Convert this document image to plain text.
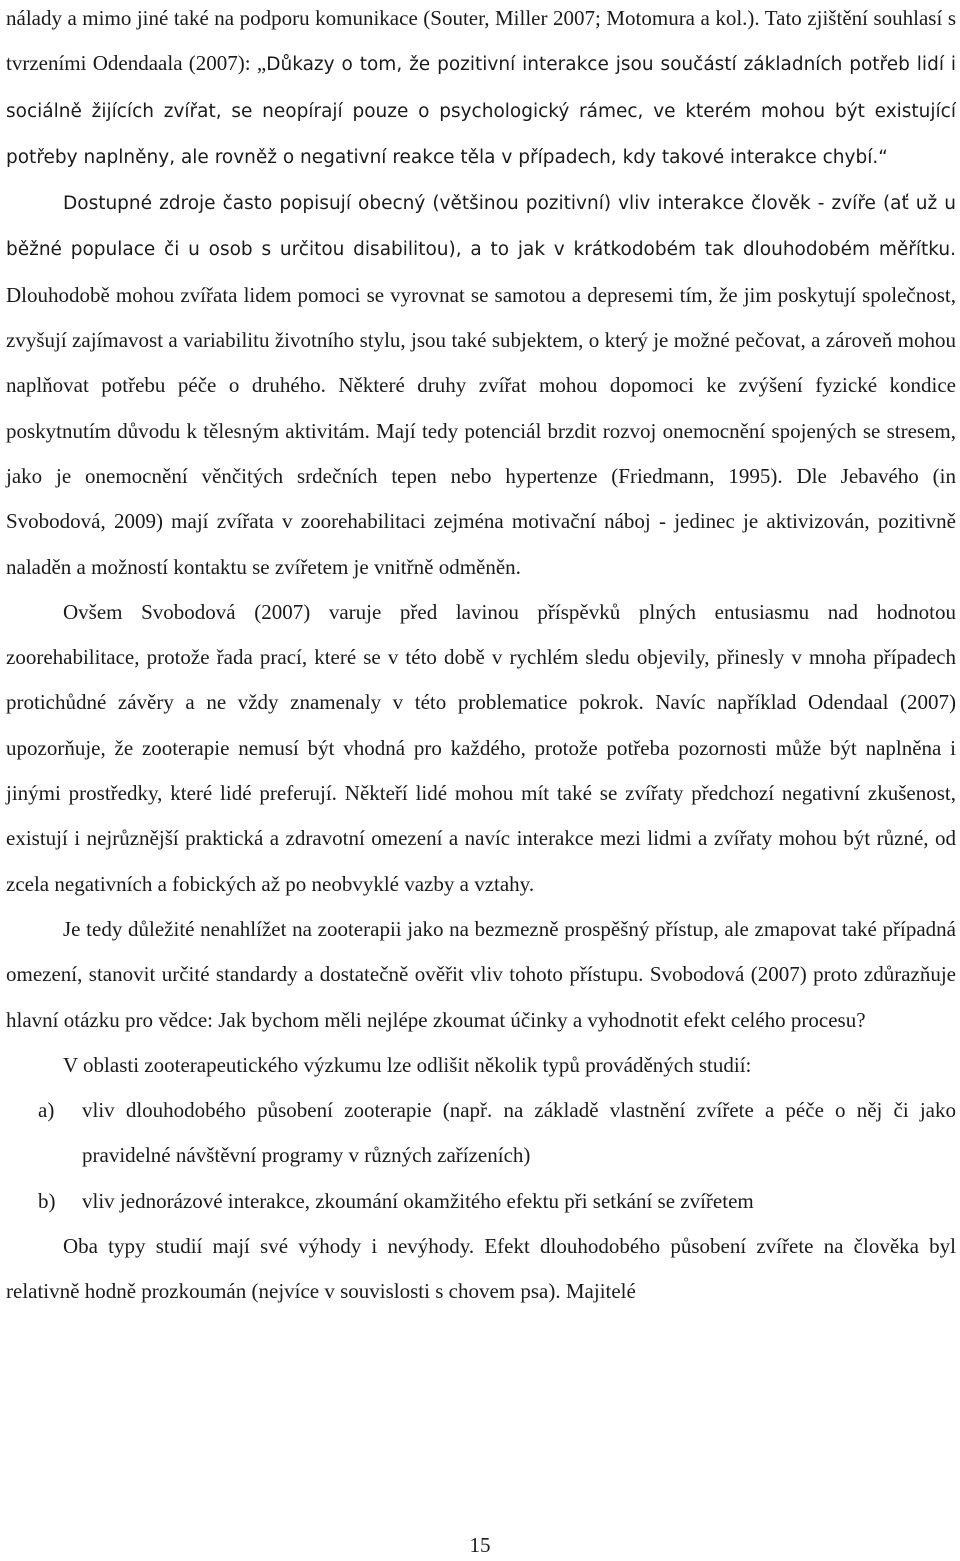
nálady a mimo jiné také na podporu komunikace (Souter, Miller 2007; Motomura a kol.). Tato zjištění souhlasí s tvrzeními Odendaala (2007): „Důkazy o tom, že pozitivní interakce jsou součástí základních potřeb lidí i sociálně žijících zvířat, se neopírají pouze o psychologický rámec, ve kterém mohou být existující potřeby naplněny, ale rovněž o negativní reakce těla v případech, kdy takové interakce chybí.“

Dostupné zdroje často popisují obecný (většinou pozitivní) vliv interakce člověk - zvíře (ať už u běžné populace či u osob s určitou disabilitou), a to jak v krátkodobém tak dlouhodobém měřítku. Dlouhodobě mohou zvířata lidem pomoci se vyrovnat se samotou a depresemi tím, že jim poskytují společnost, zvyšují zajímavost a variabilitu životního stylu, jsou také subjektem, o který je možné pečovat, a zároveň mohou naplňovat potřebu péče o druhého. Některé druhy zvířat mohou dopomoci ke zvýšení fyzické kondice poskytnutím důvodu k tělesným aktivitám. Mají tedy potenciál brzdit rozvoj onemocnění spojených se stresem, jako je onemocnění věnčitých srdečních tepen nebo hypertenze (Friedmann, 1995). Dle Jebavého (in Svobodová, 2009) mají zvířata v zoorehabilitaci zejména motivační náboj - jedinec je aktivizován, pozitivně naladěn a možností kontaktu se zvířetem je vnitřně odměněn.

Ovšem Svobodová (2007) varuje před lavinou příspěvků plných entusiasmu nad hodnotou zoorehabilitace, protože řada prací, které se v této době v rychlém sledu objevily, přinesly v mnoha případech protichůdné závěry a ne vždy znamenaly v této problematice pokrok. Navíc například Odendaal (2007) upozorňuje, že zooterapie nemusí být vhodná pro každého, protože potřeba pozornosti může být naplněna i jinými prostředky, které lidé preferují. Někteří lidé mohou mít také se zvířaty předchozí negativní zkušenost, existují i nejrůznější praktická a zdravotní omezení a navíc interakce mezi lidmi a zvířaty mohou být různé, od zcela negativních a fobických až po neobvyklé vazby a vztahy.

Je tedy důležité nenahlížet na zooterapii jako na bezmezně prospěšný přístup, ale zmapovat také případná omezení, stanovit určité standardy a dostatečně ověřit vliv tohoto přístupu. Svobodová (2007) proto zdůrazňuje hlavní otázku pro vědce: Jak bychom měli nejlépe zkoumat účinky a vyhodnotit efekt celého procesu?

V oblasti zooterapeutického výzkumu lze odlišit několik typů prováděných studií:

a)	vliv dlouhodobého působení zooterapie (např. na základě vlastnění zvířete a péče o něj či jako pravidelné návštěvní programy v různých zařízeních)
b)	vliv jednorázové interakce, zkoumání okamžitého efektu při setkání se zvířetem

Oba typy studií mají své výhody i nevýhody. Efekt dlouhodobého působení zvířete na člověka byl relativně hodně prozkoumán (nejvíce v souvislosti s chovem psa). Majitelé

15
